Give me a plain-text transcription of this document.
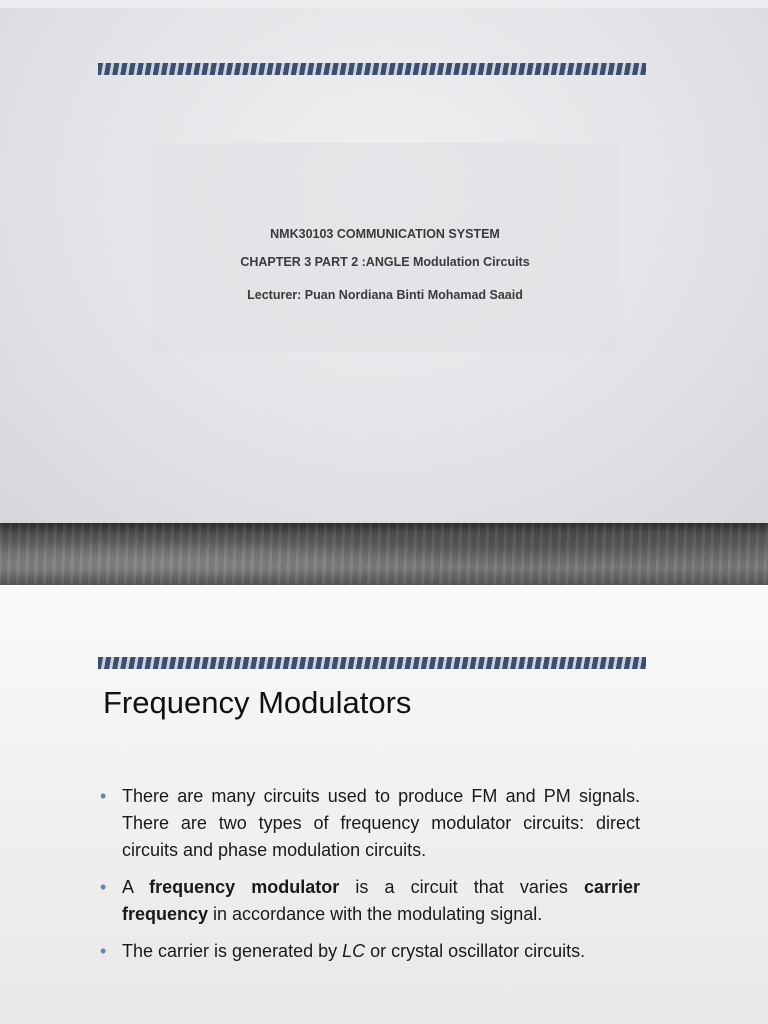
NMK30103 COMMUNICATION SYSTEM
CHAPTER 3 PART 2 :ANGLE Modulation Circuits
Lecturer: Puan Nordiana Binti Mohamad Saaid
Frequency Modulators
• There are many circuits used to produce FM and PM signals. There are two types of frequency modulator circuits: direct circuits and phase modulation circuits.
• A frequency modulator is a circuit that varies carrier frequency in accordance with the modulating signal.
• The carrier is generated by LC or crystal oscillator circuits.
